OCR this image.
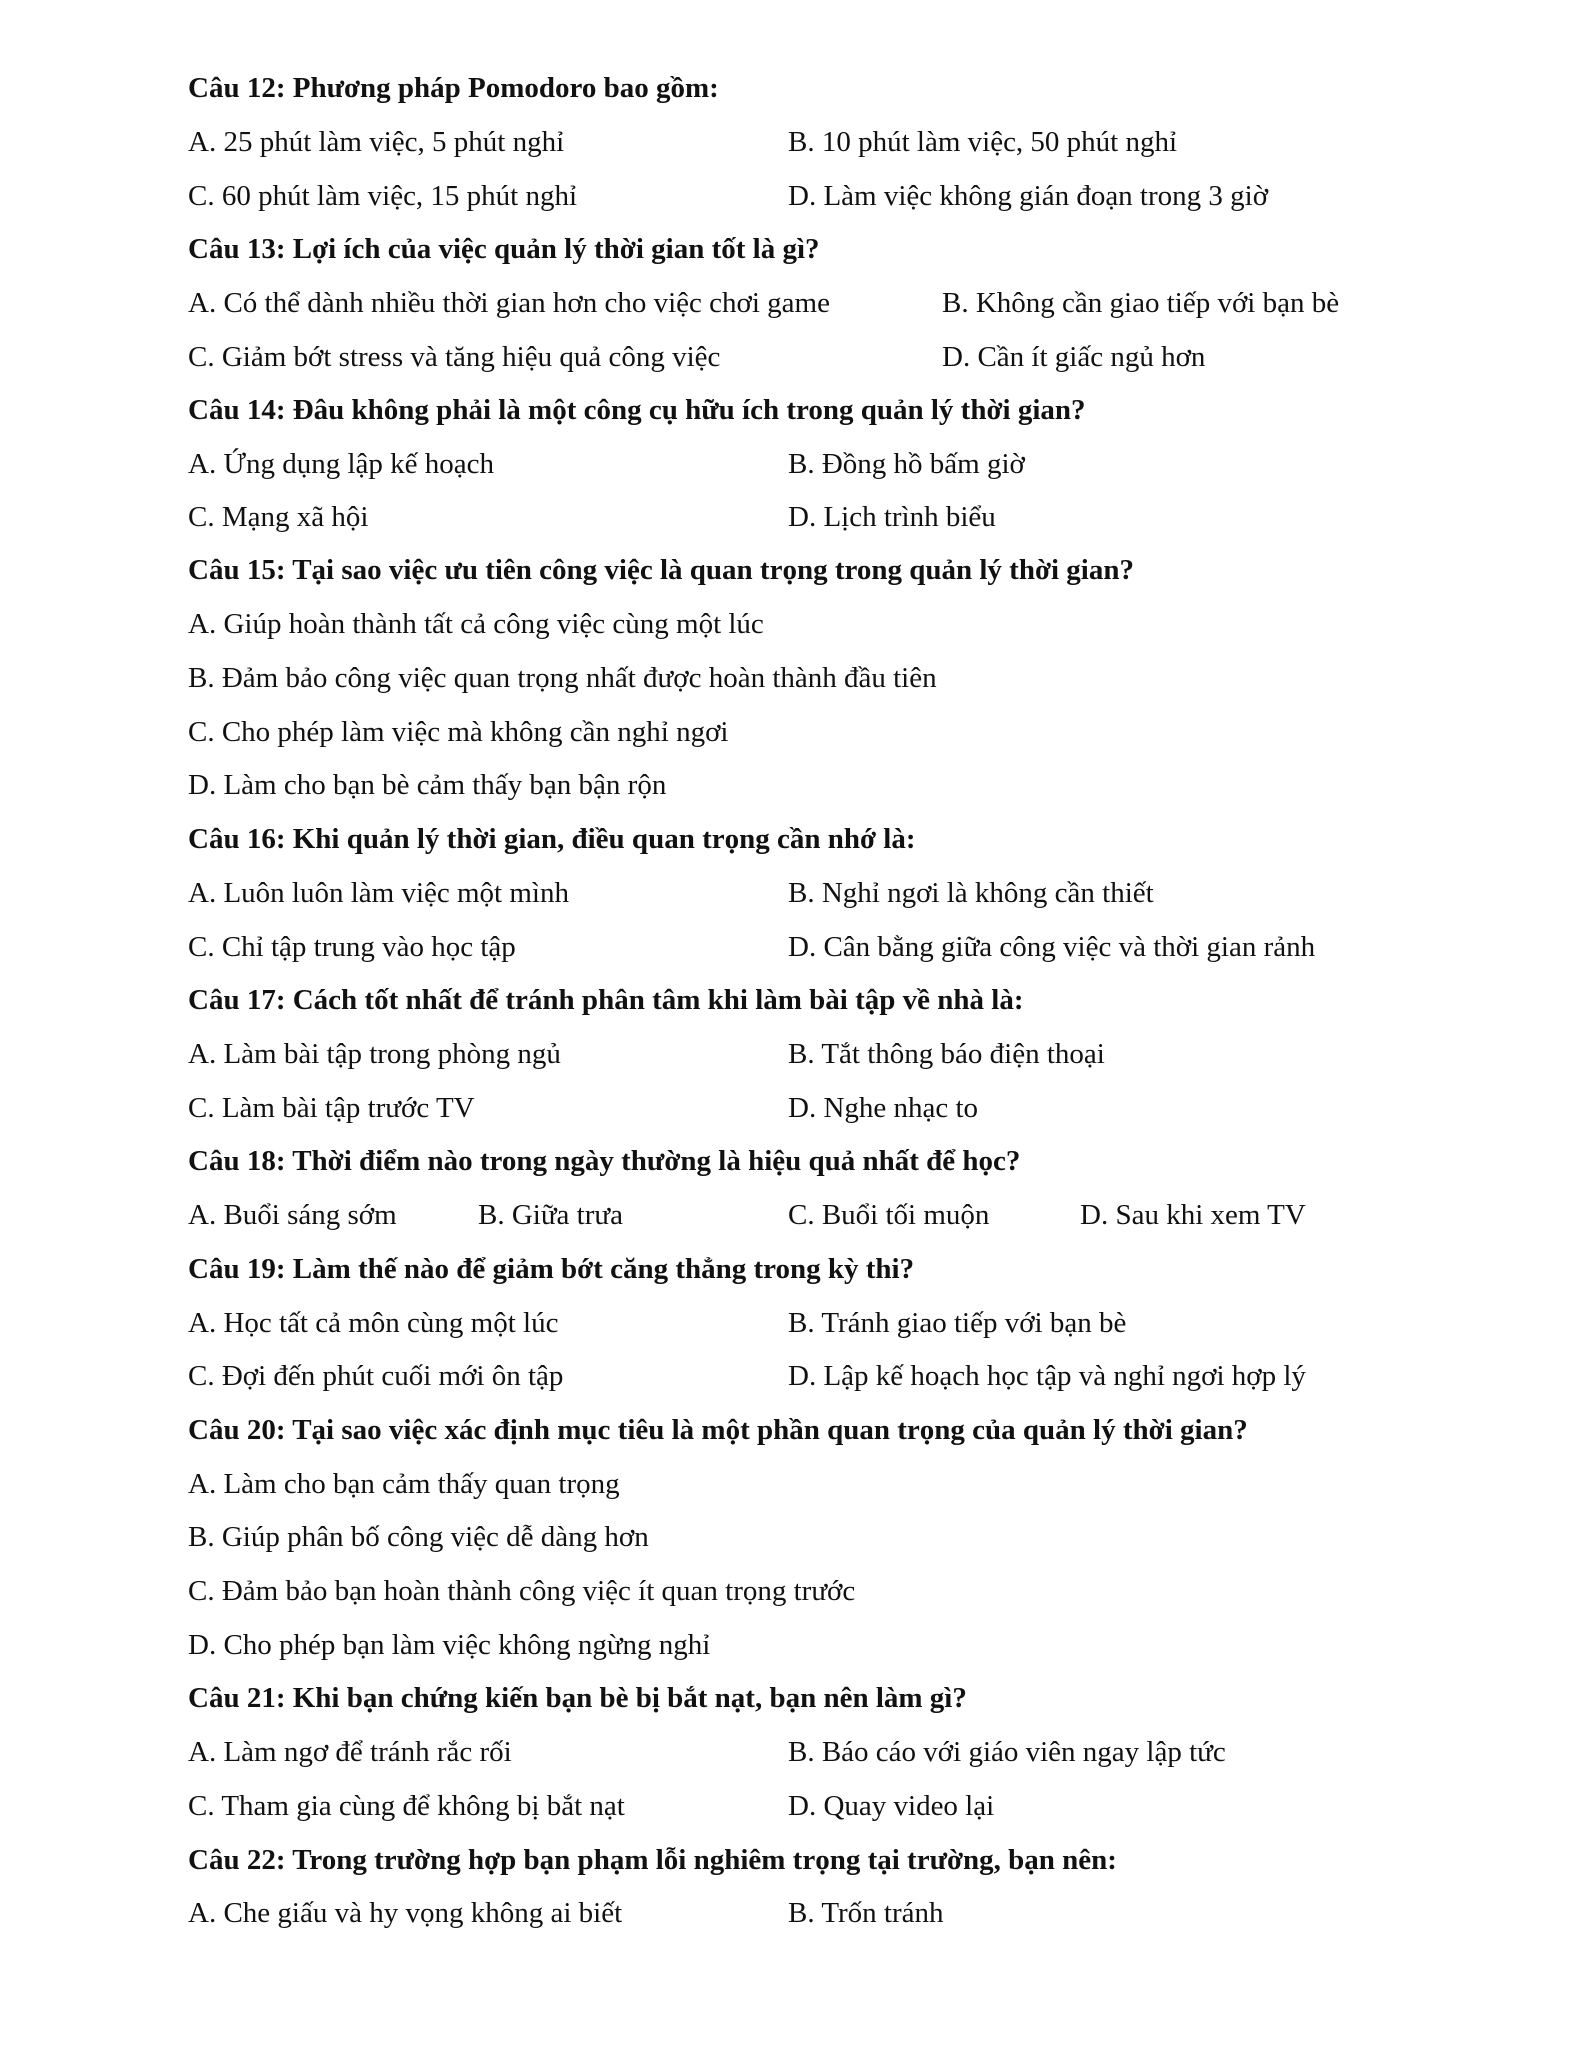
Câu 12: Phương pháp Pomodoro bao gồm:
A. 25 phút làm việc, 5 phút nghỉ	B. 10 phút làm việc, 50 phút nghỉ
C. 60 phút làm việc, 15 phút nghỉ	D. Làm việc không gián đoạn trong 3 giờ
Câu 13: Lợi ích của việc quản lý thời gian tốt là gì?
A. Có thể dành nhiều thời gian hơn cho việc chơi game	B. Không cần giao tiếp với bạn bè
C. Giảm bớt stress và tăng hiệu quả công việc	D. Cần ít giấc ngủ hơn
Câu 14: Đâu không phải là một công cụ hữu ích trong quản lý thời gian?
A. Ứng dụng lập kế hoạch	B. Đồng hồ bấm giờ
C. Mạng xã hội	D. Lịch trình biểu
Câu 15: Tại sao việc ưu tiên công việc là quan trọng trong quản lý thời gian?
A. Giúp hoàn thành tất cả công việc cùng một lúc
B. Đảm bảo công việc quan trọng nhất được hoàn thành đầu tiên
C. Cho phép làm việc mà không cần nghỉ ngơi
D. Làm cho bạn bè cảm thấy bạn bận rộn
Câu 16: Khi quản lý thời gian, điều quan trọng cần nhớ là:
A. Luôn luôn làm việc một mình	B. Nghỉ ngơi là không cần thiết
C. Chỉ tập trung vào học tập	D. Cân bằng giữa công việc và thời gian rảnh
Câu 17: Cách tốt nhất để tránh phân tâm khi làm bài tập về nhà là:
A. Làm bài tập trong phòng ngủ	B. Tắt thông báo điện thoại
C. Làm bài tập trước TV	D. Nghe nhạc to
Câu 18: Thời điểm nào trong ngày thường là hiệu quả nhất để học?
A. Buổi sáng sớm	B. Giữa trưa	C. Buổi tối muộn	D. Sau khi xem TV
Câu 19: Làm thế nào để giảm bớt căng thẳng trong kỳ thi?
A. Học tất cả môn cùng một lúc	B. Tránh giao tiếp với bạn bè
C. Đợi đến phút cuối mới ôn tập	D. Lập kế hoạch học tập và nghỉ ngơi hợp lý
Câu 20: Tại sao việc xác định mục tiêu là một phần quan trọng của quản lý thời gian?
A. Làm cho bạn cảm thấy quan trọng
B. Giúp phân bố công việc dễ dàng hơn
C. Đảm bảo bạn hoàn thành công việc ít quan trọng trước
D. Cho phép bạn làm việc không ngừng nghỉ
Câu 21: Khi bạn chứng kiến bạn bè bị bắt nạt, bạn nên làm gì?
A. Làm ngơ để tránh rắc rối	B. Báo cáo với giáo viên ngay lập tức
C. Tham gia cùng để không bị bắt nạt	D. Quay video lại
Câu 22: Trong trường hợp bạn phạm lỗi nghiêm trọng tại trường, bạn nên:
A. Che giấu và hy vọng không ai biết	B. Trốn tránh
